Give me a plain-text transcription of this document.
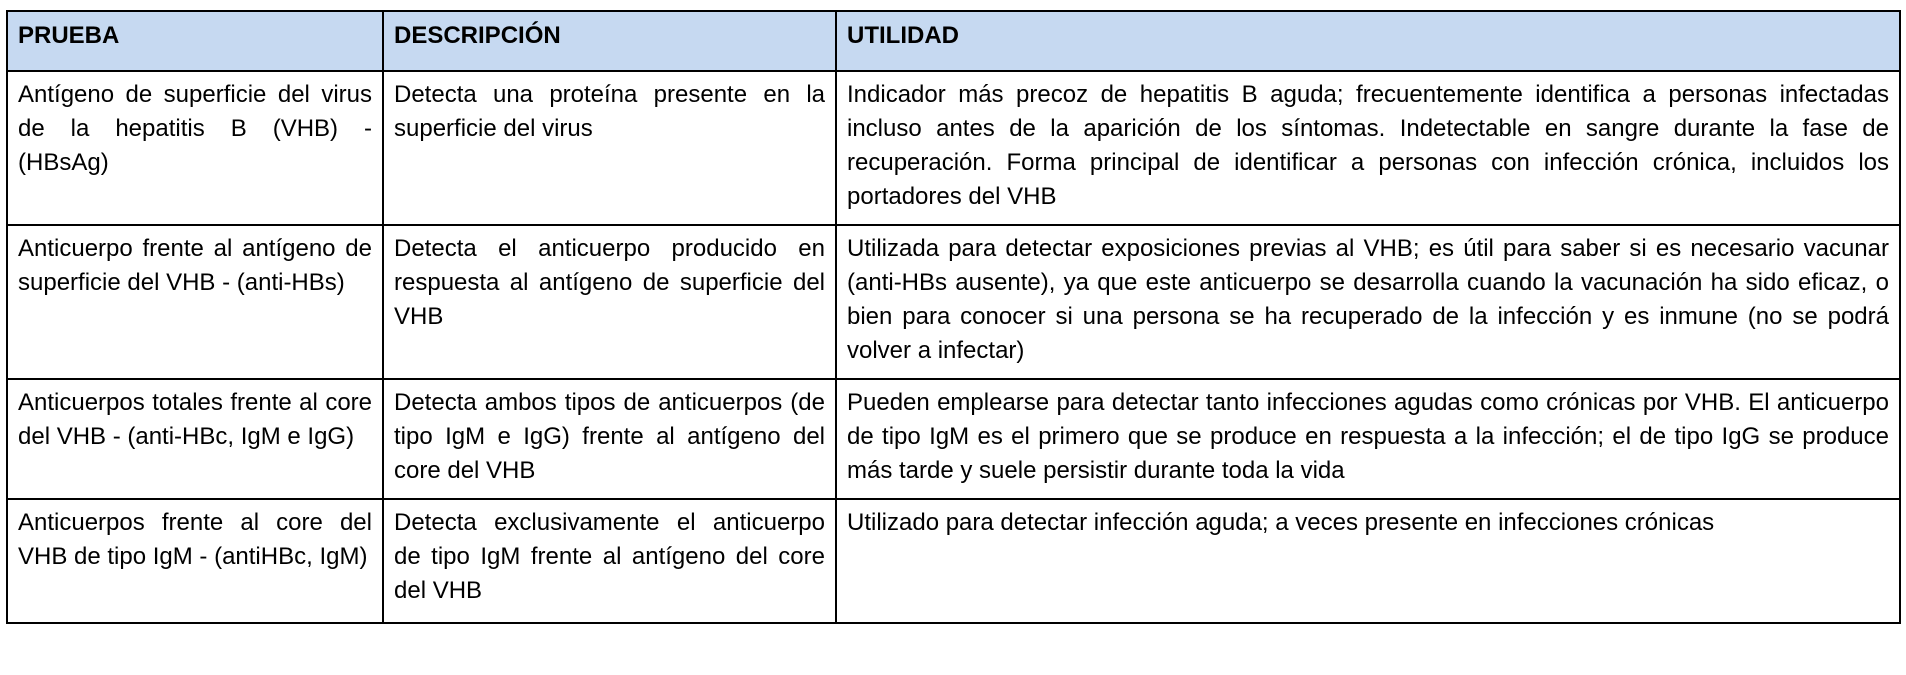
PRUEBA	DESCRIPCIÓN	UTILIDAD
Antígeno de superficie del virus de la hepatitis B (VHB) - (HBsAg)	Detecta una proteína presente en la superficie del virus	Indicador más precoz de hepatitis B aguda; frecuentemente identifica a personas infectadas incluso antes de la aparición de los síntomas. Indetectable en sangre durante la fase de recuperación. Forma principal de identificar a personas con infección crónica, incluidos los portadores del VHB
Anticuerpo frente al antígeno de superficie del VHB - (anti-HBs)	Detecta el anticuerpo producido en respuesta al antígeno de superficie del VHB	Utilizada para detectar exposiciones previas al VHB; es útil para saber si es necesario vacunar (anti-HBs ausente), ya que este anticuerpo se desarrolla cuando la vacunación ha sido eficaz, o bien para conocer si una persona se ha recuperado de la infección y es inmune (no se podrá volver a infectar)
Anticuerpos totales frente al core del VHB - (anti-HBc, IgM e IgG)	Detecta ambos tipos de anticuerpos (de tipo IgM e IgG) frente al antígeno del core del VHB	Pueden emplearse para detectar tanto infecciones agudas como crónicas por VHB. El anticuerpo de tipo IgM es el primero que se produce en respuesta a la infección; el de tipo IgG se produce más tarde y suele persistir durante toda la vida
Anticuerpos frente al core del VHB de tipo IgM - (antiHBc, IgM)	Detecta exclusivamente el anticuerpo de tipo IgM frente al antígeno del core del VHB	Utilizado para detectar infección aguda; a veces presente en infecciones crónicas
